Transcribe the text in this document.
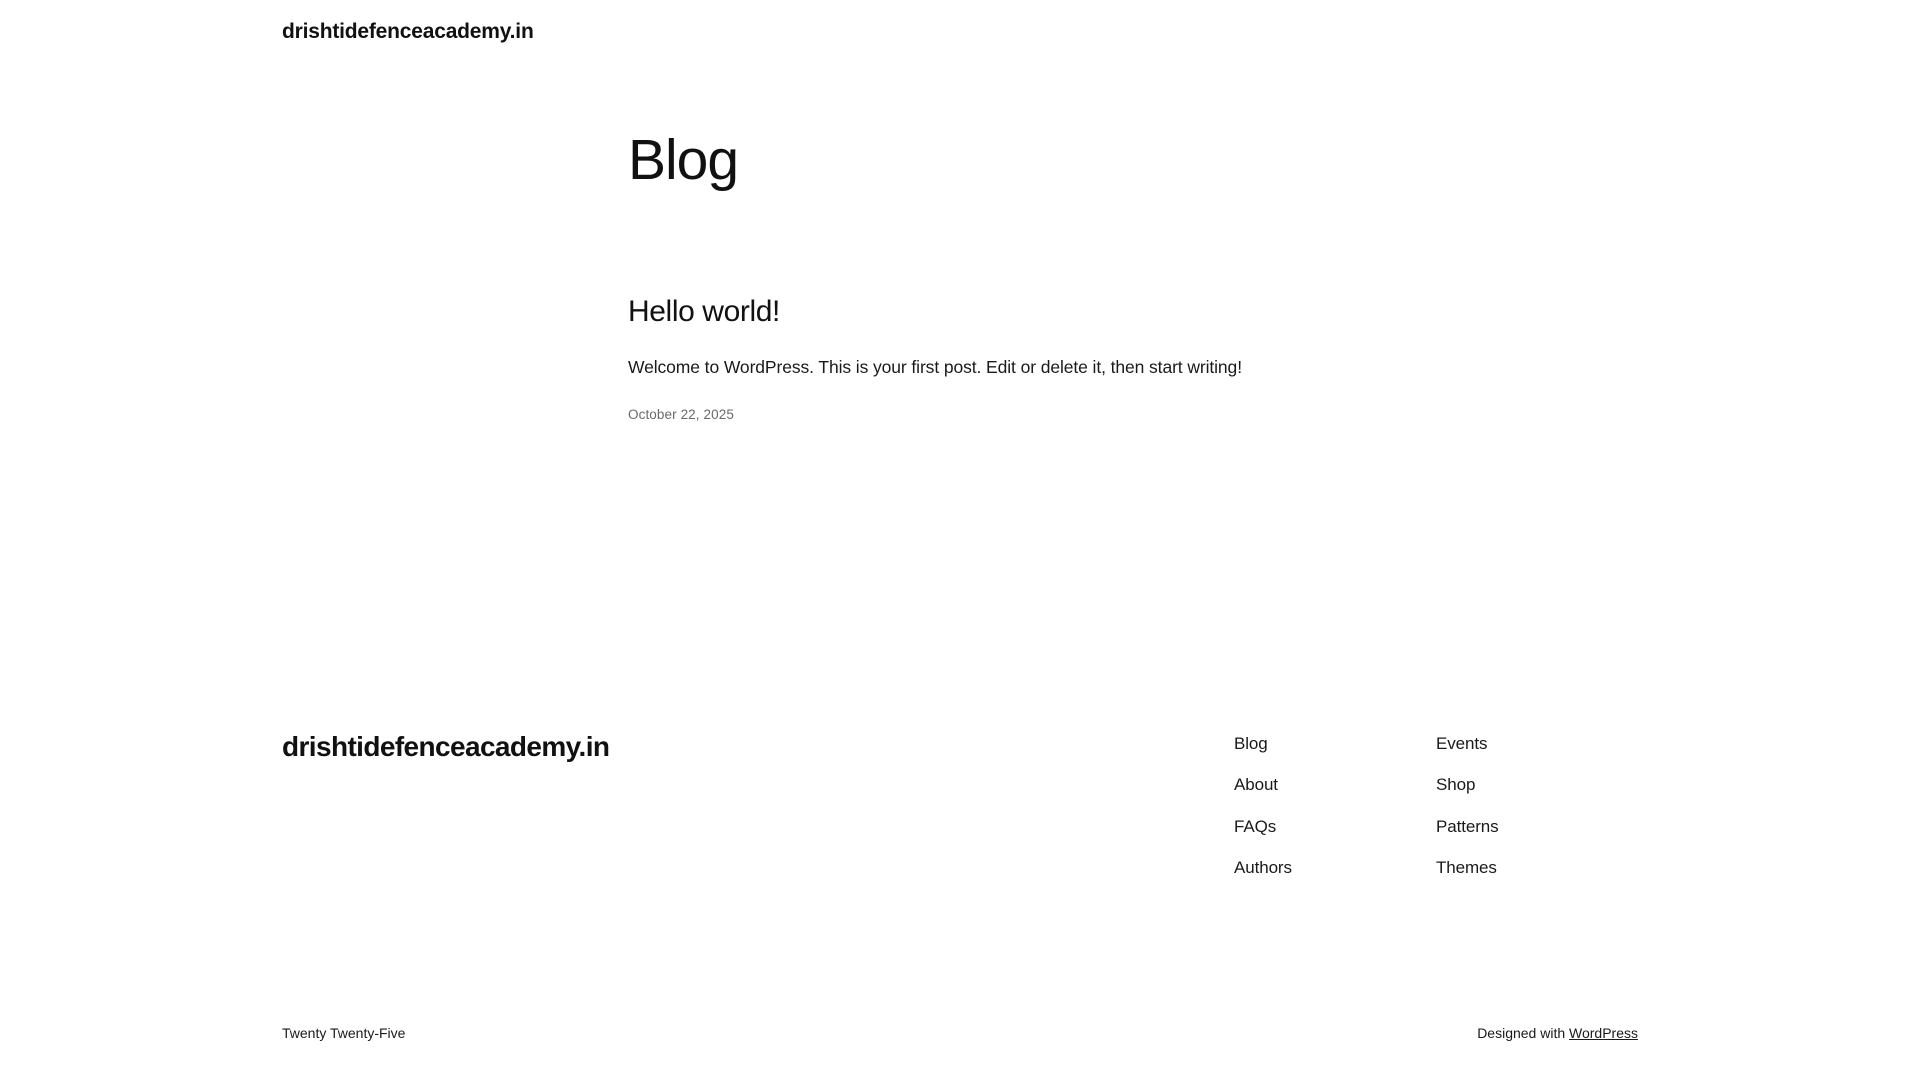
drishtidefenceacademy.in
Blog
Hello world!

Welcome to WordPress. This is your first post. Edit or delete it, then start writing!

October 22, 2025
drishtidefenceacademy.in	Blog
About
FAQs
Authors
Events
Shop
Patterns
Themes
Twenty Twenty-Five	Designed with WordPress
